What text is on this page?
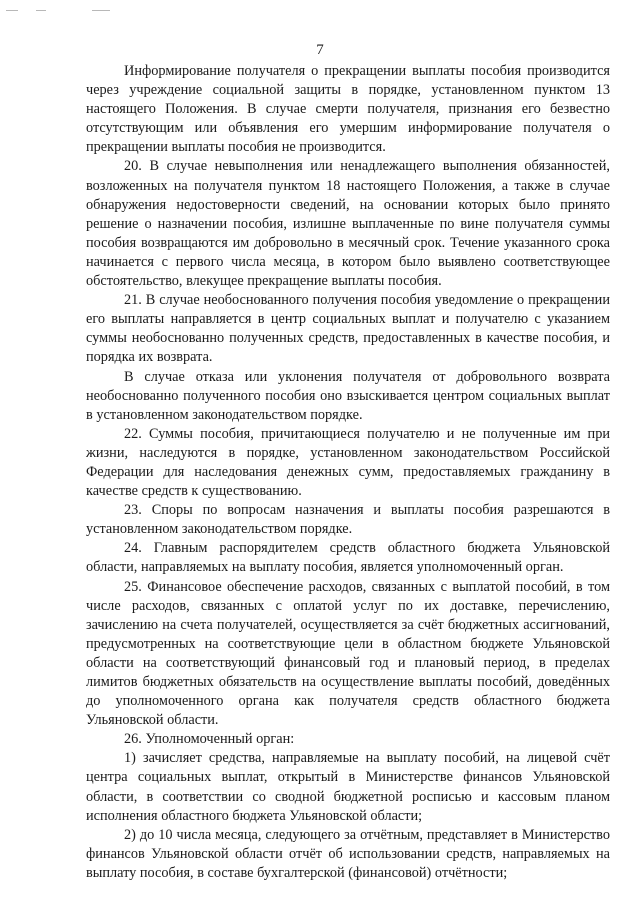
7

Информирование получателя о прекращении выплаты пособия производится через учреждение социальной защиты в порядке, установленном пунктом 13 настоящего Положения. В случае смерти получателя, признания его безвестно отсутствующим или объявления его умершим информирование получателя о прекращении выплаты пособия не производится.

20. В случае невыполнения или ненадлежащего выполнения обязанностей, возложенных на получателя пунктом 18 настоящего Положения, а также в случае обнаружения недостоверности сведений, на основании которых было принято решение о назначении пособия, излишне выплаченные по вине получателя суммы пособия возвращаются им добровольно в месячный срок. Течение указанного срока начинается с первого числа месяца, в котором было выявлено соответствующее обстоятельство, влекущее прекращение выплаты пособия.

21. В случае необоснованного получения пособия уведомление о прекращении его выплаты направляется в центр социальных выплат и получателю с указанием суммы необоснованно полученных средств, предоставленных в качестве пособия, и порядка их возврата.

В случае отказа или уклонения получателя от добровольного возврата необоснованно полученного пособия оно взыскивается центром социальных выплат в установленном законодательством порядке.

22. Суммы пособия, причитающиеся получателю и не полученные им при жизни, наследуются в порядке, установленном законодательством Российской Федерации для наследования денежных сумм, предоставляемых гражданину в качестве средств к существованию.

23. Споры по вопросам назначения и выплаты пособия разрешаются в установленном законодательством порядке.

24. Главным распорядителем средств областного бюджета Ульяновской области, направляемых на выплату пособия, является уполномоченный орган.

25. Финансовое обеспечение расходов, связанных с выплатой пособий, в том числе расходов, связанных с оплатой услуг по их доставке, перечислению, зачислению на счета получателей, осуществляется за счёт бюджетных ассигнований, предусмотренных на соответствующие цели в областном бюджете Ульяновской области на соответствующий финансовый год и плановый период, в пределах лимитов бюджетных обязательств на осуществление выплаты пособий, доведённых до уполномоченного органа как получателя средств областного бюджета Ульяновской области.

26. Уполномоченный орган:

1) зачисляет средства, направляемые на выплату пособий, на лицевой счёт центра социальных выплат, открытый в Министерстве финансов Ульяновской области, в соответствии со сводной бюджетной росписью и кассовым планом исполнения областного бюджета Ульяновской области;

2) до 10 числа месяца, следующего за отчётным, представляет в Министерство финансов Ульяновской области отчёт об использовании средств, направляемых на выплату пособия, в составе бухгалтерской (финансовой) отчётности;
